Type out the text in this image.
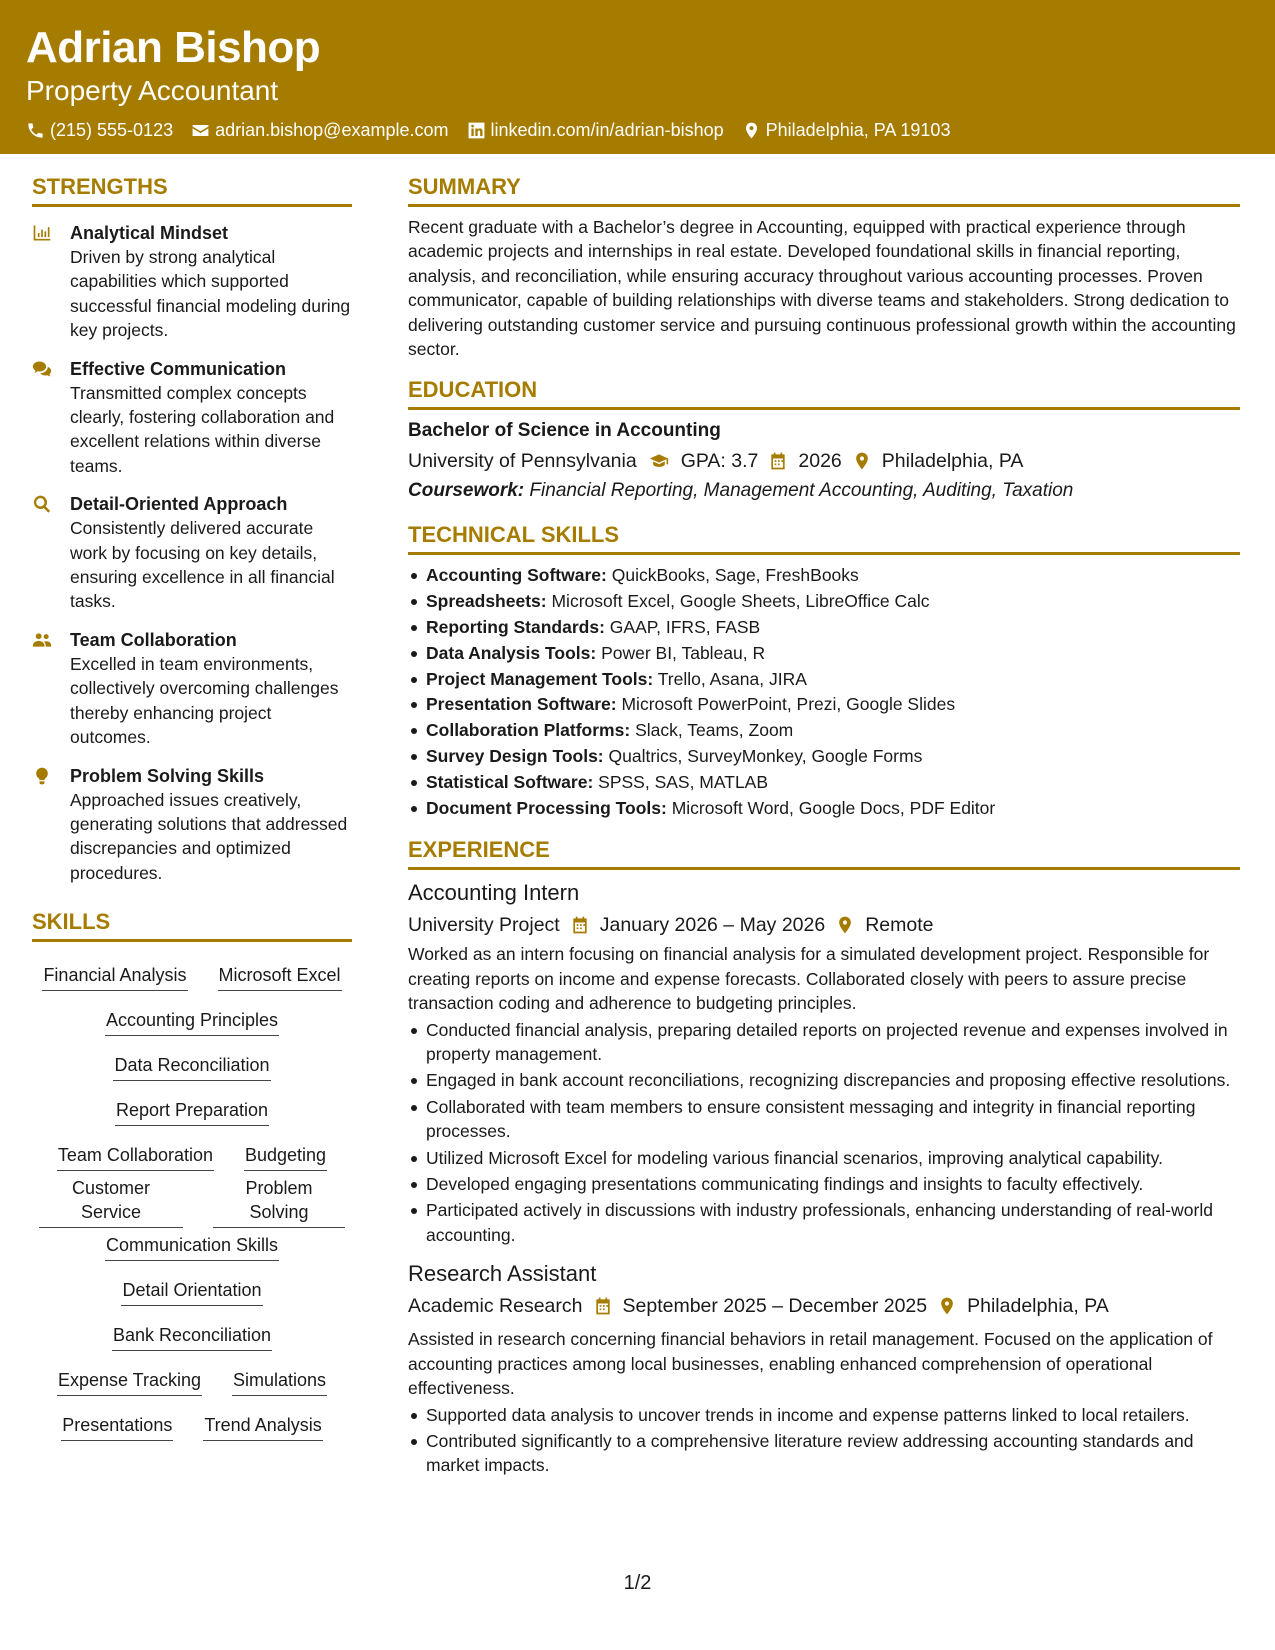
Adrian Bishop
Property Accountant
(215) 555-0123 adrian.bishop@example.com linkedin.com/in/adrian-bishop Philadelphia, PA 19103
STRENGTHS
Analytical Mindset
Driven by strong analytical capabilities which supported successful financial modeling during key projects.
Effective Communication
Transmitted complex concepts clearly, fostering collaboration and excellent relations within diverse teams.
Detail-Oriented Approach
Consistently delivered accurate work by focusing on key details, ensuring excellence in all financial tasks.
Team Collaboration
Excelled in team environments, collectively overcoming challenges thereby enhancing project outcomes.
Problem Solving Skills
Approached issues creatively, generating solutions that addressed discrepancies and optimized procedures.
SKILLS
Financial Analysis Microsoft Excel
Accounting Principles
Data Reconciliation
Report Preparation
Team Collaboration Budgeting
Customer Service
Problem Solving
Communication Skills
Detail Orientation
Bank Reconciliation
Expense Tracking Simulations
Presentations Trend Analysis
SUMMARY
Recent graduate with a Bachelor’s degree in Accounting, equipped with practical experience through academic projects and internships in real estate. Developed foundational skills in financial reporting, analysis, and reconciliation, while ensuring accuracy throughout various accounting processes. Proven communicator, capable of building relationships with diverse teams and stakeholders. Strong dedication to delivering outstanding customer service and pursuing continuous professional growth within the accounting sector.
EDUCATION
Bachelor of Science in Accounting
University of Pennsylvania GPA: 3.7 2026 Philadelphia, PA
Coursework: Financial Reporting, Management Accounting, Auditing, Taxation
TECHNICAL SKILLS
Accounting Software: QuickBooks, Sage, FreshBooks
Spreadsheets: Microsoft Excel, Google Sheets, LibreOffice Calc
Reporting Standards: GAAP, IFRS, FASB
Data Analysis Tools: Power BI, Tableau, R
Project Management Tools: Trello, Asana, JIRA
Presentation Software: Microsoft PowerPoint, Prezi, Google Slides
Collaboration Platforms: Slack, Teams, Zoom
Survey Design Tools: Qualtrics, SurveyMonkey, Google Forms
Statistical Software: SPSS, SAS, MATLAB
Document Processing Tools: Microsoft Word, Google Docs, PDF Editor
EXPERIENCE
Accounting Intern
University Project January 2026 – May 2026 Remote
Worked as an intern focusing on financial analysis for a simulated development project. Responsible for creating reports on income and expense forecasts. Collaborated closely with peers to assure precise transaction coding and adherence to budgeting principles.
Conducted financial analysis, preparing detailed reports on projected revenue and expenses involved in property management.
Engaged in bank account reconciliations, recognizing discrepancies and proposing effective resolutions.
Collaborated with team members to ensure consistent messaging and integrity in financial reporting processes.
Utilized Microsoft Excel for modeling various financial scenarios, improving analytical capability.
Developed engaging presentations communicating findings and insights to faculty effectively.
Participated actively in discussions with industry professionals, enhancing understanding of real-world accounting.
Research Assistant
Academic Research September 2025 – December 2025 Philadelphia, PA
Assisted in research concerning financial behaviors in retail management. Focused on the application of accounting practices among local businesses, enabling enhanced comprehension of operational effectiveness.
Supported data analysis to uncover trends in income and expense patterns linked to local retailers.
Contributed significantly to a comprehensive literature review addressing accounting standards and market impacts.
1/2
